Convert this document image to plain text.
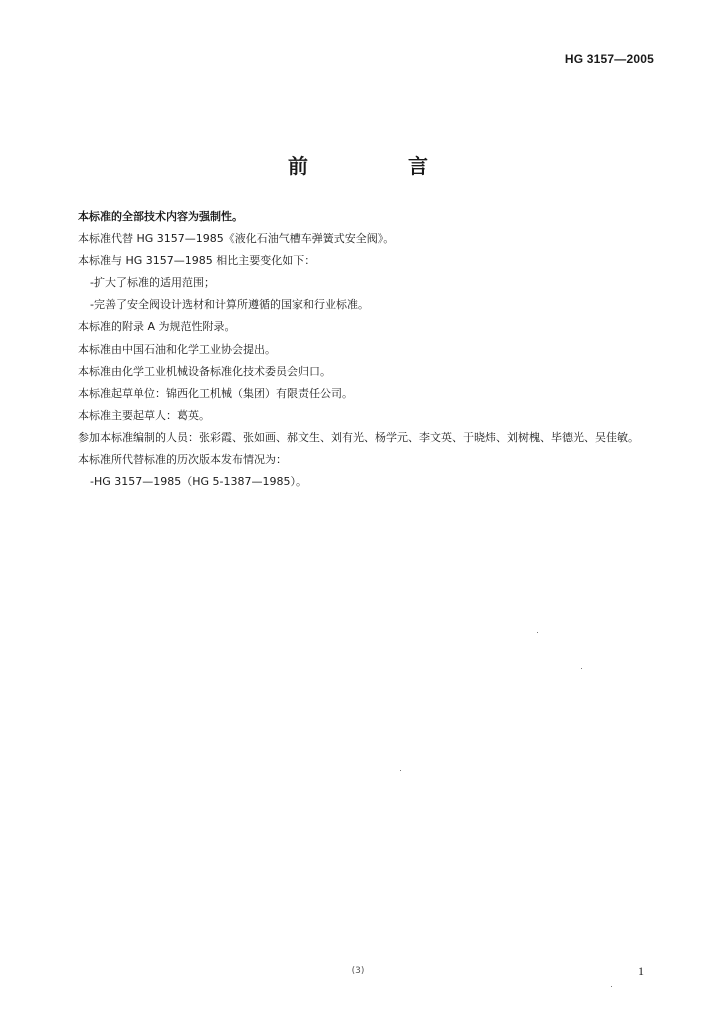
HG 3157—2005
前　言

本标准的全部技术内容为强制性。

本标准代替 HG 3157—1985《液化石油气槽车弹簧式安全阀》。

本标准与 HG 3157—1985 相比主要变化如下：

-扩大了标准的适用范围；

-完善了安全阀设计选材和计算所遵循的国家和行业标准。

本标准的附录 A 为规范性附录。

本标准由中国石油和化学工业协会提出。

本标准由化学工业机械设备标准化技术委员会归口。

本标准起草单位：锦西化工机械（集团）有限责任公司。

本标准主要起草人：葛英。

参加本标准编制的人员：张彩霞、张如画、郝文生、刘有光、杨学元、李文英、于晓炜、刘树槐、毕德光、吴佳敏。

本标准所代替标准的历次版本发布情况为：

-HG 3157—1985（HG 5-1387—1985）。

(3)	1
